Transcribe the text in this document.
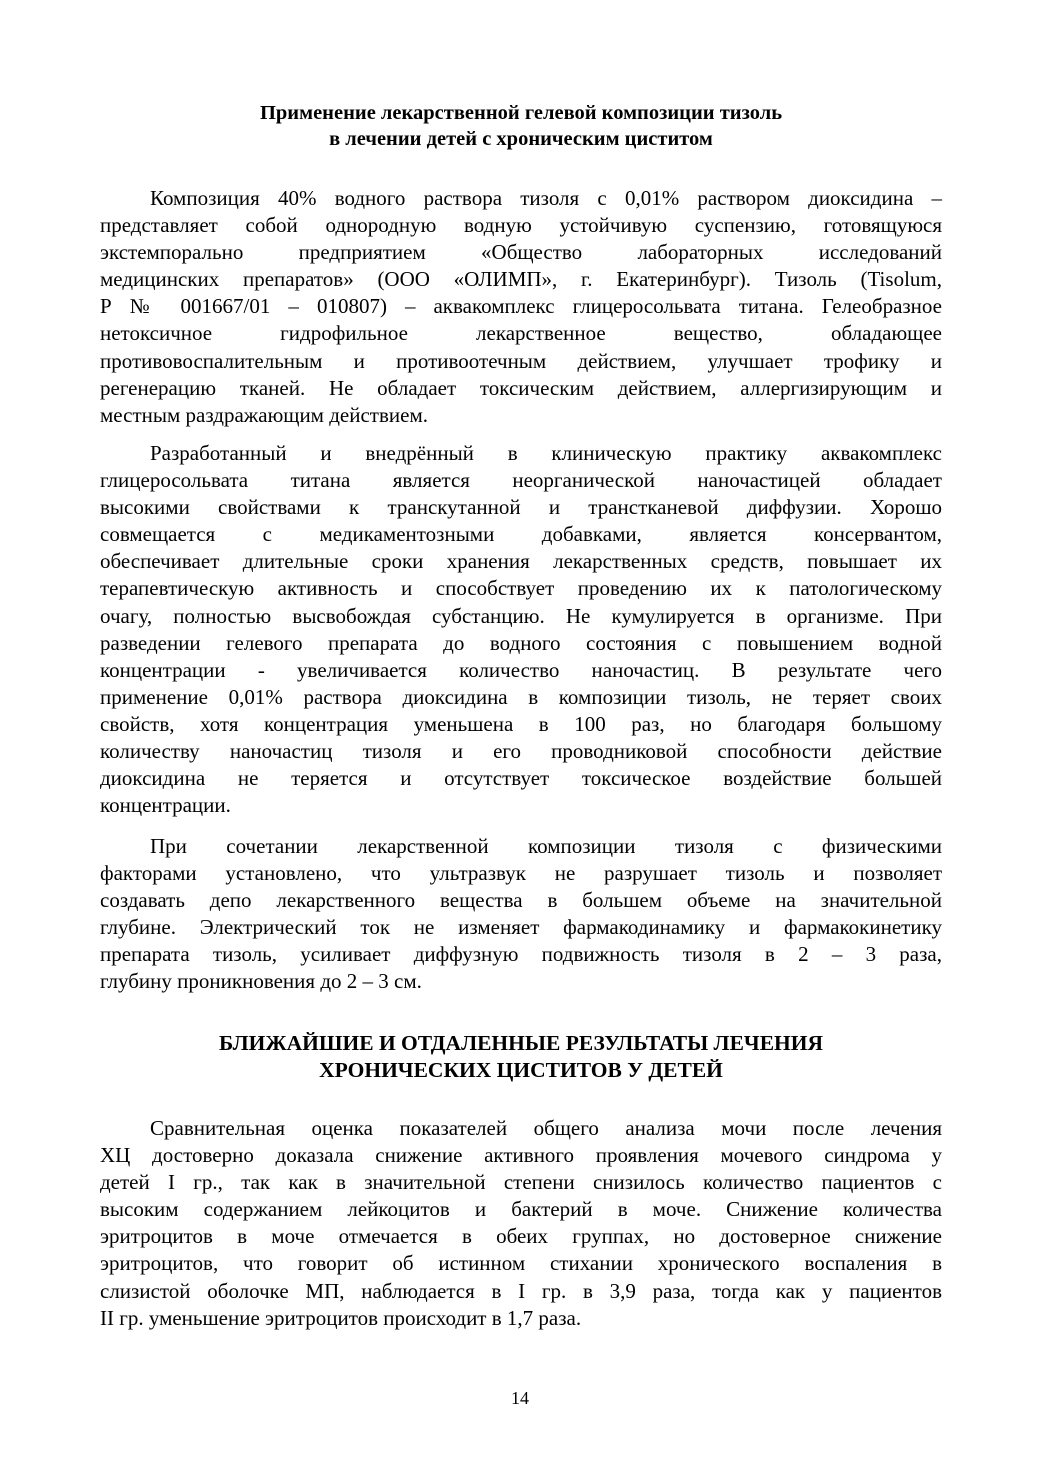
Применение лекарственной гелевой композиции тизоль
в лечении детей с хроническим циститом

Композиция 40% водного раствора тизоля с 0,01% раствором диоксидина –
представляет собой однородную водную устойчивую суспензию, готовящуюся
экстемпорально предприятием «Общество лабораторных исследований
медицинских препаратов» (ООО «ОЛИМП», г. Екатеринбург). Тизоль (Tisolum,
Р № 001667/01 – 010807) – аквакомплекс глицеросольвата титана. Гелеобразное
нетоксичное гидрофильное лекарственное вещество, обладающее
противовоспалительным и противоотечным действием, улучшает трофику и
регенерацию тканей. Не обладает токсическим действием, аллергизирующим и
местным раздражающим действием.

Разработанный и внедрённый в клиническую практику аквакомплекс
глицеросольвата титана является неорганической наночастицей обладает
высокими свойствами к транскутанной и транстканевой диффузии. Хорошо
совмещается с медикаментозными добавками, является консервантом,
обеспечивает длительные сроки хранения лекарственных средств, повышает их
терапевтическую активность и способствует проведению их к патологическому
очагу, полностью высвобождая субстанцию. Не кумулируется в организме. При
разведении гелевого препарата до водного состояния с повышением водной
концентрации - увеличивается количество наночастиц. В результате чего
применение 0,01% раствора диоксидина в композиции тизоль, не теряет своих
свойств, хотя концентрация уменьшена в 100 раз, но благодаря большому
количеству наночастиц тизоля и его проводниковой способности действие
диоксидина не теряется и отсутствует токсическое воздействие большей
концентрации.

При сочетании лекарственной композиции тизоля с физическими
факторами установлено, что ультразвук не разрушает тизоль и позволяет
создавать депо лекарственного вещества в большем объеме на значительной
глубине. Электрический ток не изменяет фармакодинамику и фармакокинетику
препарата тизоль, усиливает диффузную подвижность тизоля в 2 – 3 раза,
глубину проникновения до 2 – 3 см.

БЛИЖАЙШИЕ И ОТДАЛЕННЫЕ РЕЗУЛЬТАТЫ ЛЕЧЕНИЯ
ХРОНИЧЕСКИХ ЦИСТИТОВ У ДЕТЕЙ

Сравнительная оценка показателей общего анализа мочи после лечения
ХЦ достоверно доказала снижение активного проявления мочевого синдрома у
детей I гр., так как в значительной степени снизилось количество пациентов с
высоким содержанием лейкоцитов и бактерий в моче. Снижение количества
эритроцитов в моче отмечается в обеих группах, но достоверное снижение
эритроцитов, что говорит об истинном стихании хронического воспаления в
слизистой оболочке МП, наблюдается в I гр. в 3,9 раза, тогда как у пациентов
II гр. уменьшение эритроцитов происходит в 1,7 раза.

14
